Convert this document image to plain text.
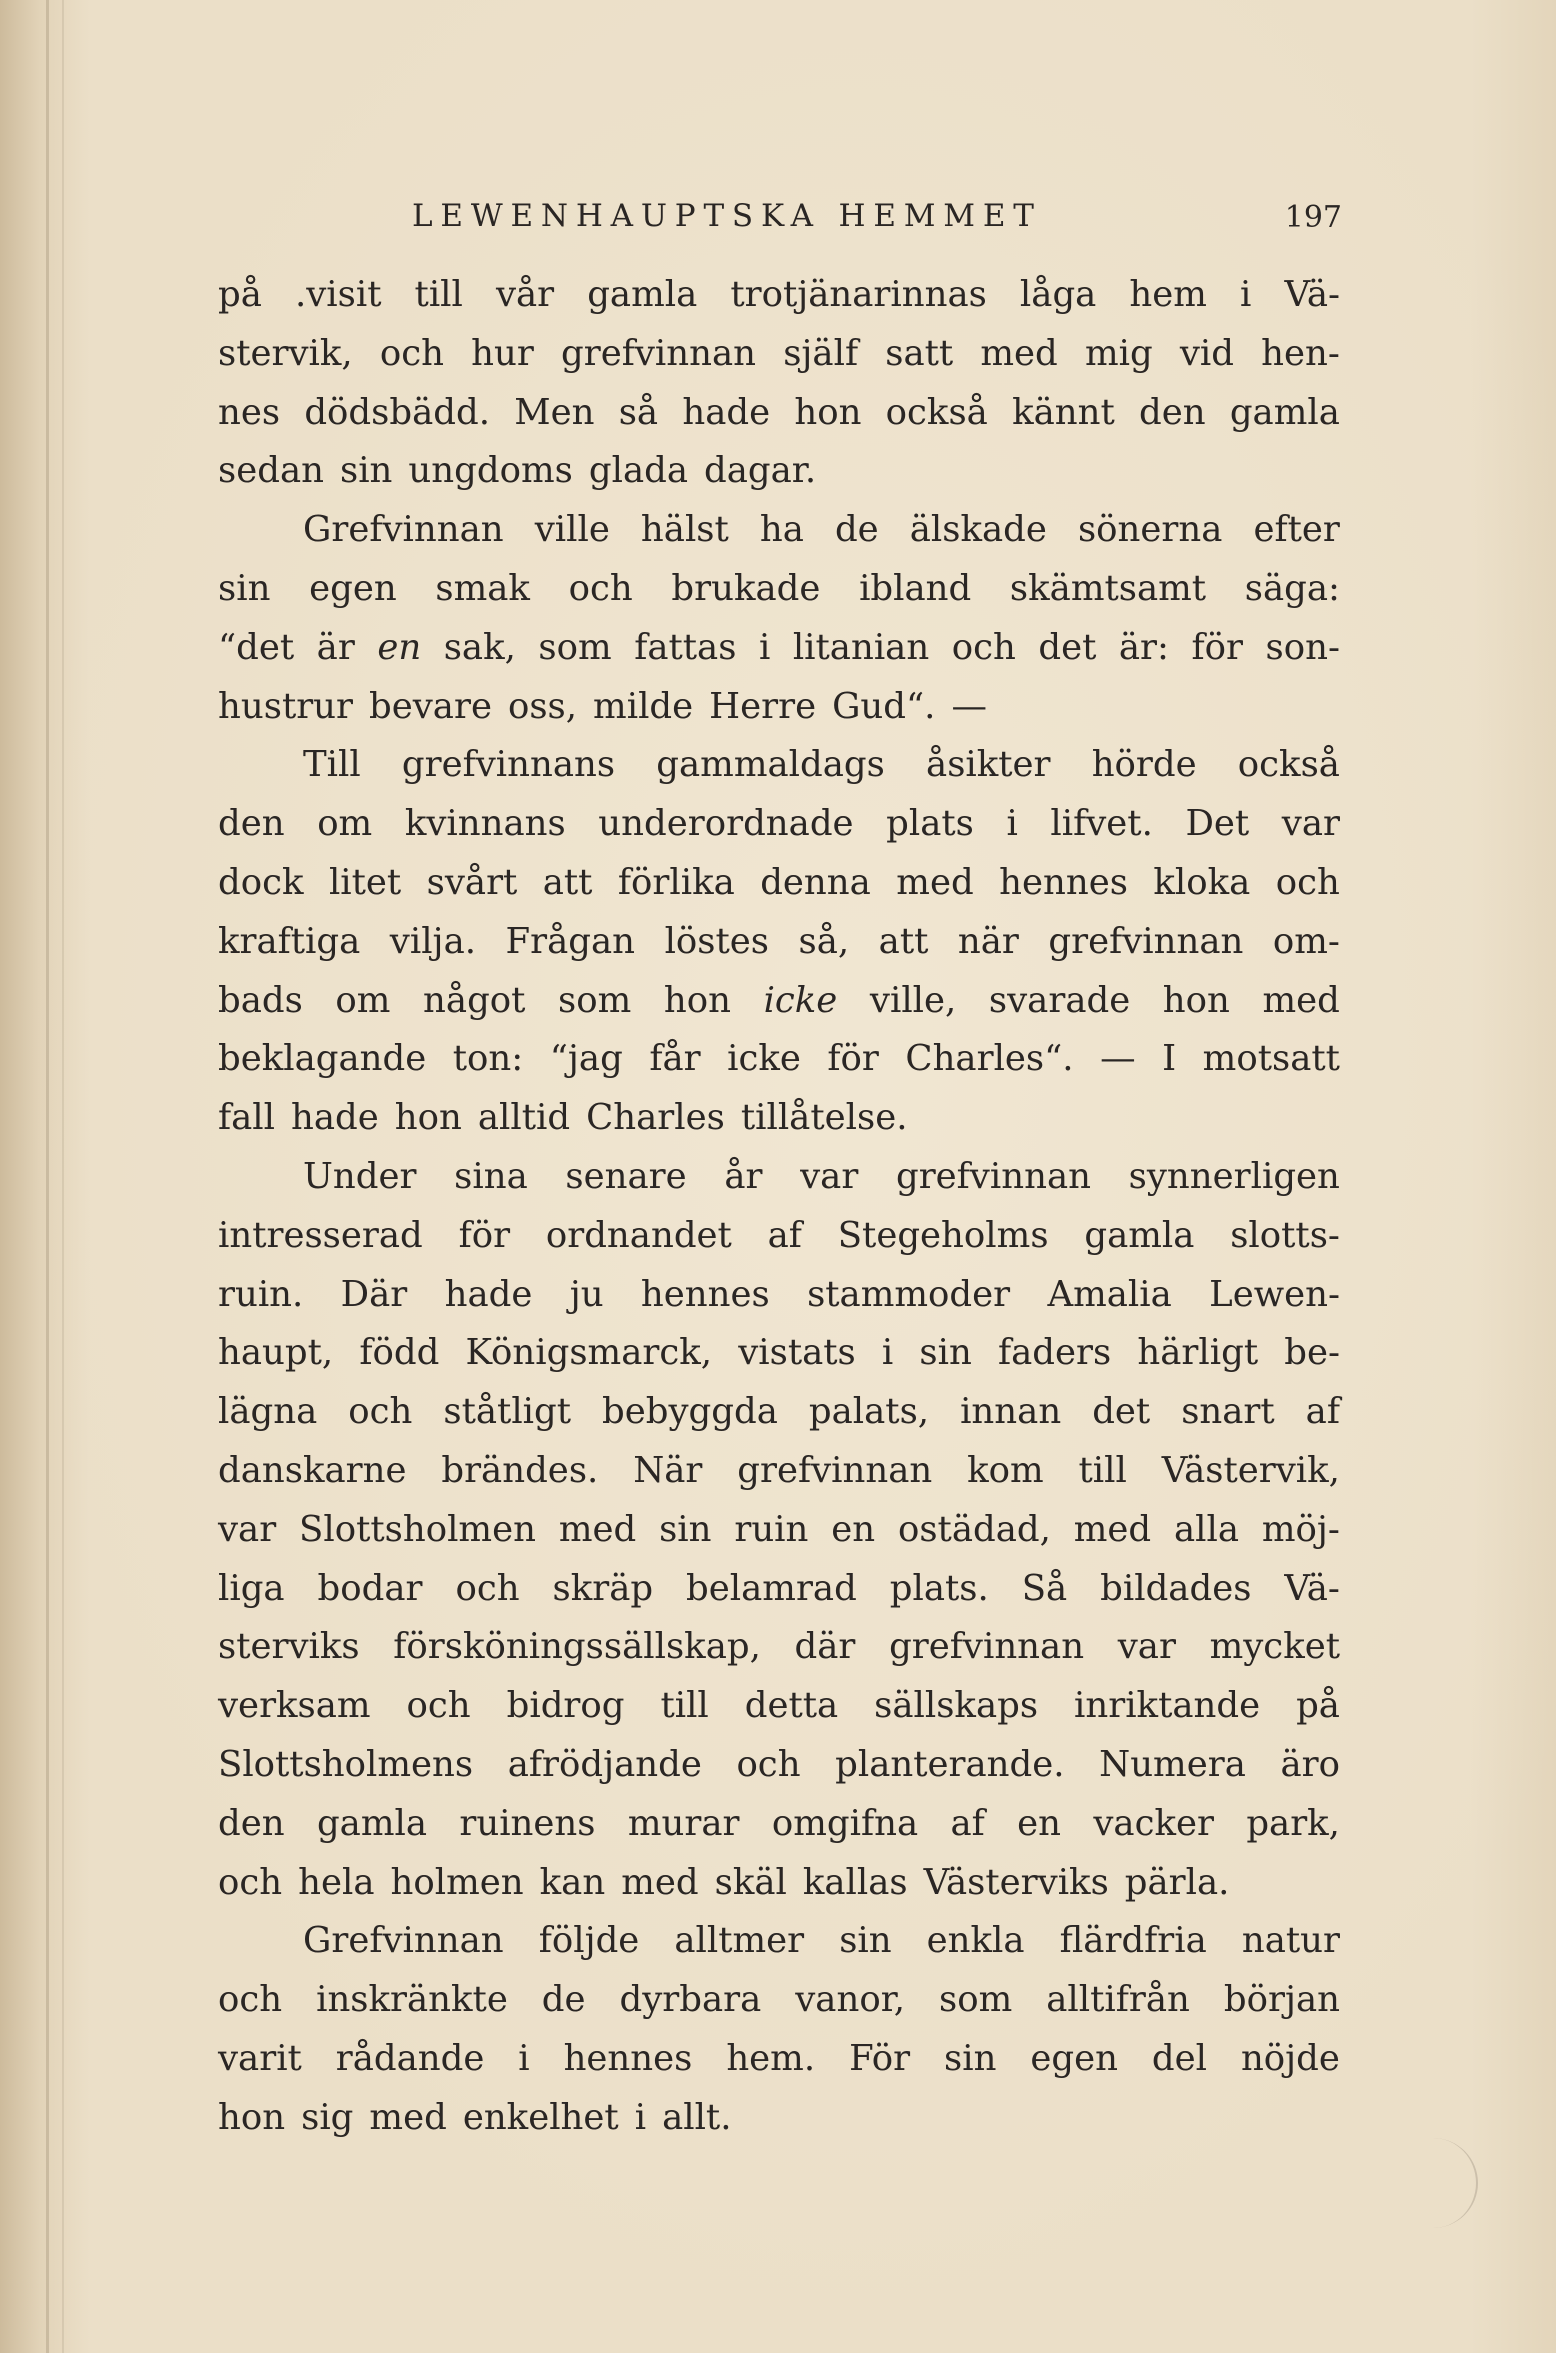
LEWENHAUPTSKA HEMMET	197
på .visit till vår gamla trotjänarinnas låga hem i Vä-
stervik, och hur grefvinnan själf satt med mig vid hen-
nes dödsbädd. Men så hade hon också kännt den gamla
sedan sin ungdoms glada dagar.
Grefvinnan ville hälst ha de älskade sönerna efter
sin egen smak och brukade ibland skämtsamt säga:
“det är en sak, som fattas i litanian och det är: för son-
hustrur bevare oss, milde Herre Gud“. —
Till grefvinnans gammaldags åsikter hörde också
den om kvinnans underordnade plats i lifvet. Det var
dock litet svårt att förlika denna med hennes kloka och
kraftiga vilja. Frågan löstes så, att när grefvinnan om-
bads om något som hon icke ville, svarade hon med
beklagande ton: “jag får icke för Charles“. — I motsatt
fall hade hon alltid Charles tillåtelse.
Under sina senare år var grefvinnan synnerligen
intresserad för ordnandet af Stegeholms gamla slotts-
ruin. Där hade ju hennes stammoder Amalia Lewen-
haupt, född Königsmarck, vistats i sin faders härligt be-
lägna och ståtligt bebyggda palats, innan det snart af
danskarne brändes. När grefvinnan kom till Västervik,
var Slottsholmen med sin ruin en ostädad, med alla möj-
liga bodar och skräp belamrad plats. Så bildades Vä-
sterviks försköningssällskap, där grefvinnan var mycket
verksam och bidrog till detta sällskaps inriktande på
Slottsholmens afrödjande och planterande. Numera äro
den gamla ruinens murar omgifna af en vacker park,
och hela holmen kan med skäl kallas Västerviks pärla.
Grefvinnan följde alltmer sin enkla flärdfria natur
och inskränkte de dyrbara vanor, som alltifrån början
varit rådande i hennes hem. För sin egen del nöjde
hon sig med enkelhet i allt.
